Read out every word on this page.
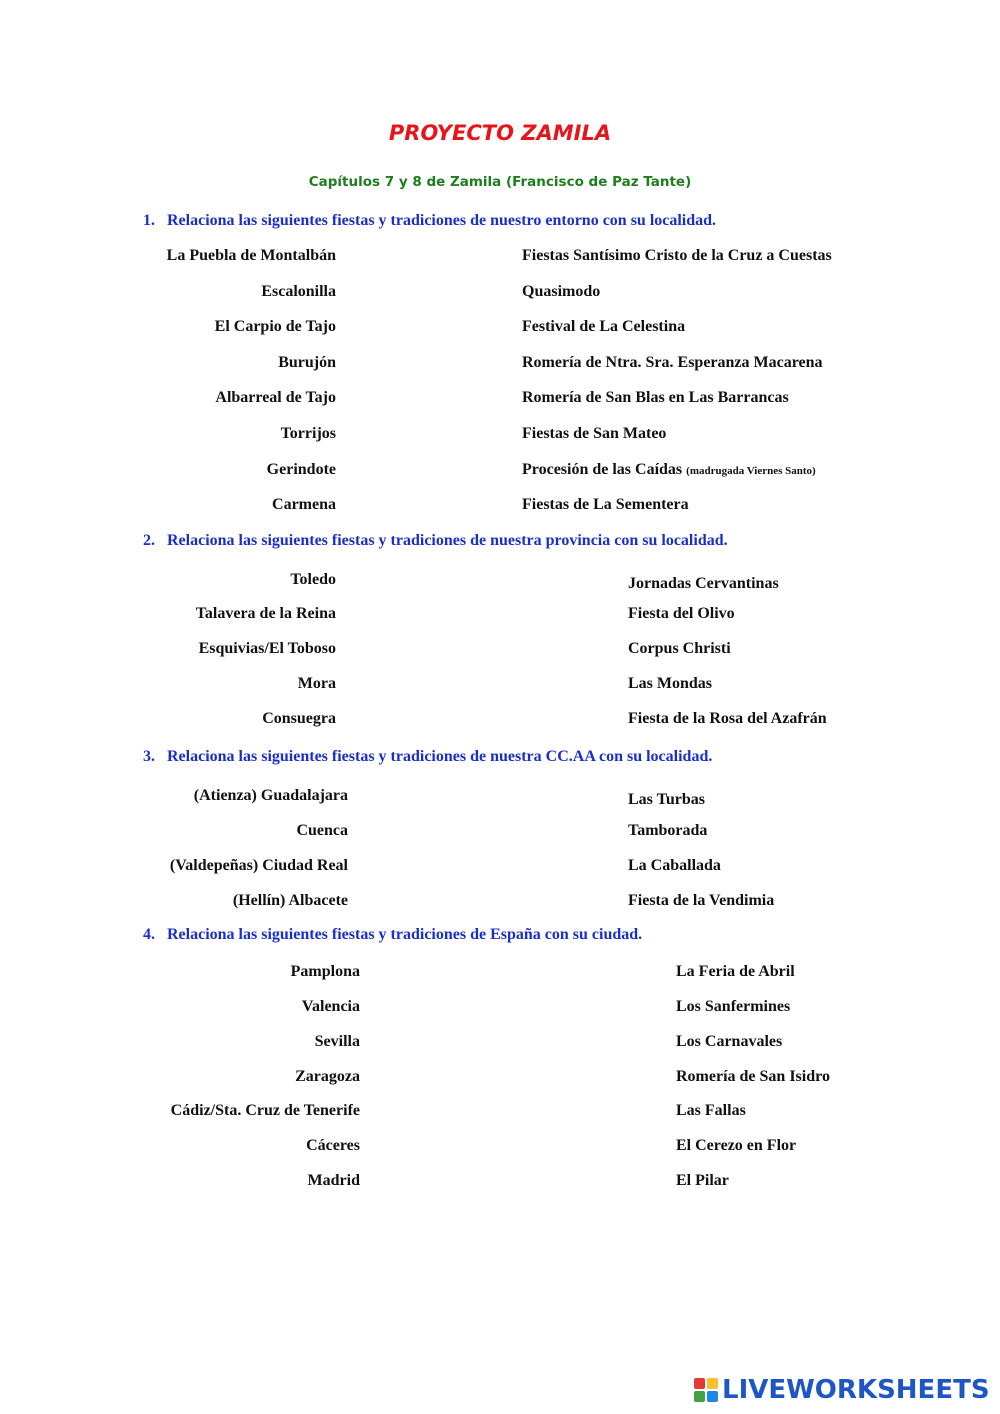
PROYECTO ZAMILA
Capítulos 7 y 8 de Zamila (Francisco de Paz Tante)
1. Relaciona las siguientes fiestas y tradiciones de nuestro entorno con su localidad.
2. Relaciona las siguientes fiestas y tradiciones de nuestra provincia con su localidad.
3. Relaciona las siguientes fiestas y tradiciones de nuestra CC.AA con su localidad.
4. Relaciona las siguientes fiestas y tradiciones de España con su ciudad.
La Puebla de Montalbán
Escalonilla
El Carpio de Tajo
Burujón
Albarreal de Tajo
Torrijos
Gerindote
Carmena
Fiestas Santísimo Cristo de la Cruz a Cuestas
Quasimodo
Festival de La Celestina
Romería de Ntra. Sra. Esperanza Macarena
Romería de San Blas en Las Barrancas
Fiestas de San Mateo
Procesión de las Caídas (madrugada Viernes Santo)
Fiestas de La Sementera
Toledo
Talavera de la Reina
Esquivias/El Toboso
Mora
Consuegra
Jornadas Cervantinas
Fiesta del Olivo
Corpus Christi
Las Mondas
Fiesta de la Rosa del Azafrán
(Atienza) Guadalajara
Cuenca
(Valdepeñas) Ciudad Real
(Hellín) Albacete
Las Turbas
Tamborada
La Caballada
Fiesta de la Vendimia
Pamplona
Valencia
Sevilla
Zaragoza
Cádiz/Sta. Cruz de Tenerife
Cáceres
Madrid
La Feria de Abril
Los Sanfermines
Los Carnavales
Romería de San Isidro
Las Fallas
El Cerezo en Flor
El Pilar
LIVEWORKSHEETS
